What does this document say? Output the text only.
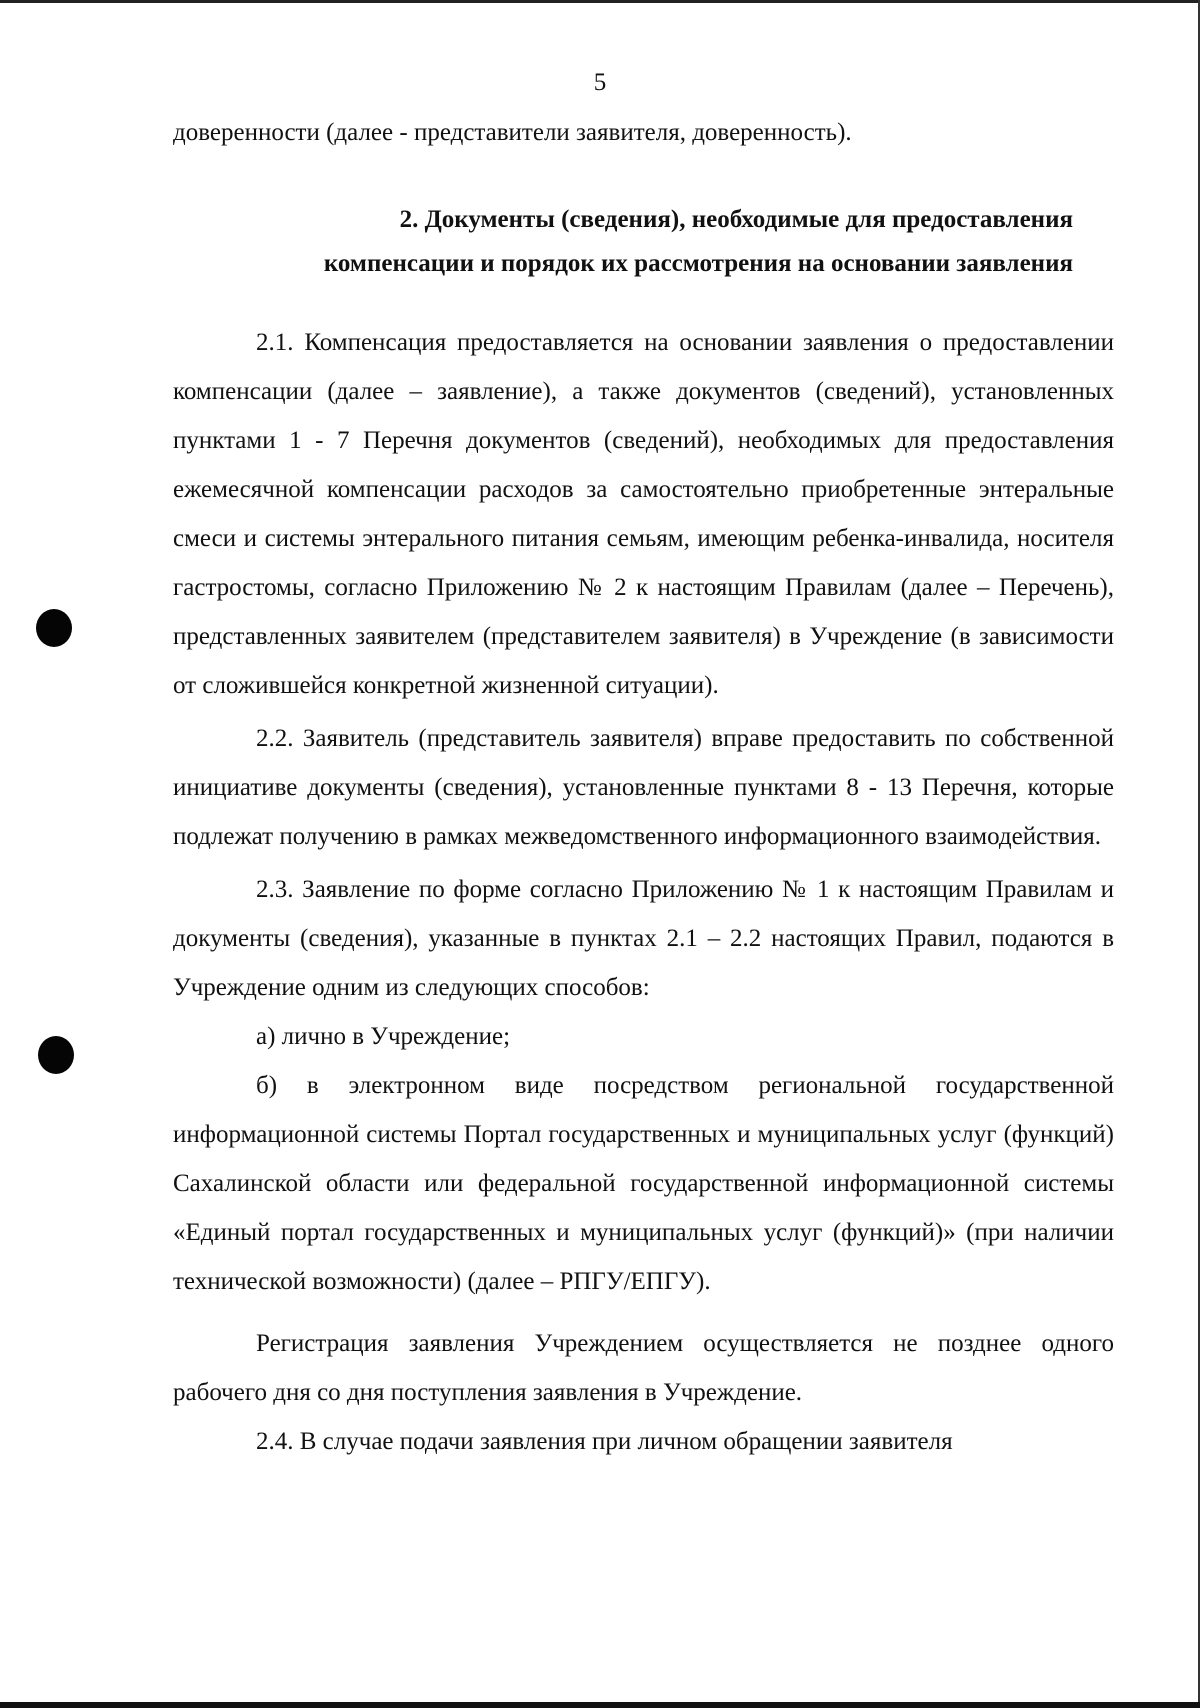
5

доверенности (далее - представители заявителя, доверенность).

2. Документы (сведения), необходимые для предоставления
компенсации и порядок их рассмотрения на основании заявления

2.1. Компенсация предоставляется на основании заявления о предоставлении компенсации (далее – заявление), а также документов (сведений), установленных пунктами 1 - 7 Перечня документов (сведений), необходимых для предоставления ежемесячной компенсации расходов за самостоятельно приобретенные энтеральные смеси и системы энтерального питания семьям, имеющим ребенка-инвалида, носителя гастростомы, согласно Приложению № 2 к настоящим Правилам (далее – Перечень), представленных заявителем (представителем заявителя) в Учреждение (в зависимости от сложившейся конкретной жизненной ситуации).

2.2. Заявитель (представитель заявителя) вправе предоставить по собственной инициативе документы (сведения), установленные пунктами 8 - 13 Перечня, которые подлежат получению в рамках межведомственного информационного взаимодействия.

2.3. Заявление по форме согласно Приложению № 1 к настоящим Правилам и документы (сведения), указанные в пунктах 2.1 – 2.2 настоящих Правил, подаются в Учреждение одним из следующих способов:

а) лично в Учреждение;

б) в электронном виде посредством региональной государственной информационной системы Портал государственных и муниципальных услуг (функций) Сахалинской области или федеральной государственной информационной системы «Единый портал государственных и муниципальных услуг (функций)» (при наличии технической возможности) (далее – РПГУ/ЕПГУ).

Регистрация заявления Учреждением осуществляется не позднее одного рабочего дня со дня поступления заявления в Учреждение.

2.4. В случае подачи заявления при личном обращении заявителя
